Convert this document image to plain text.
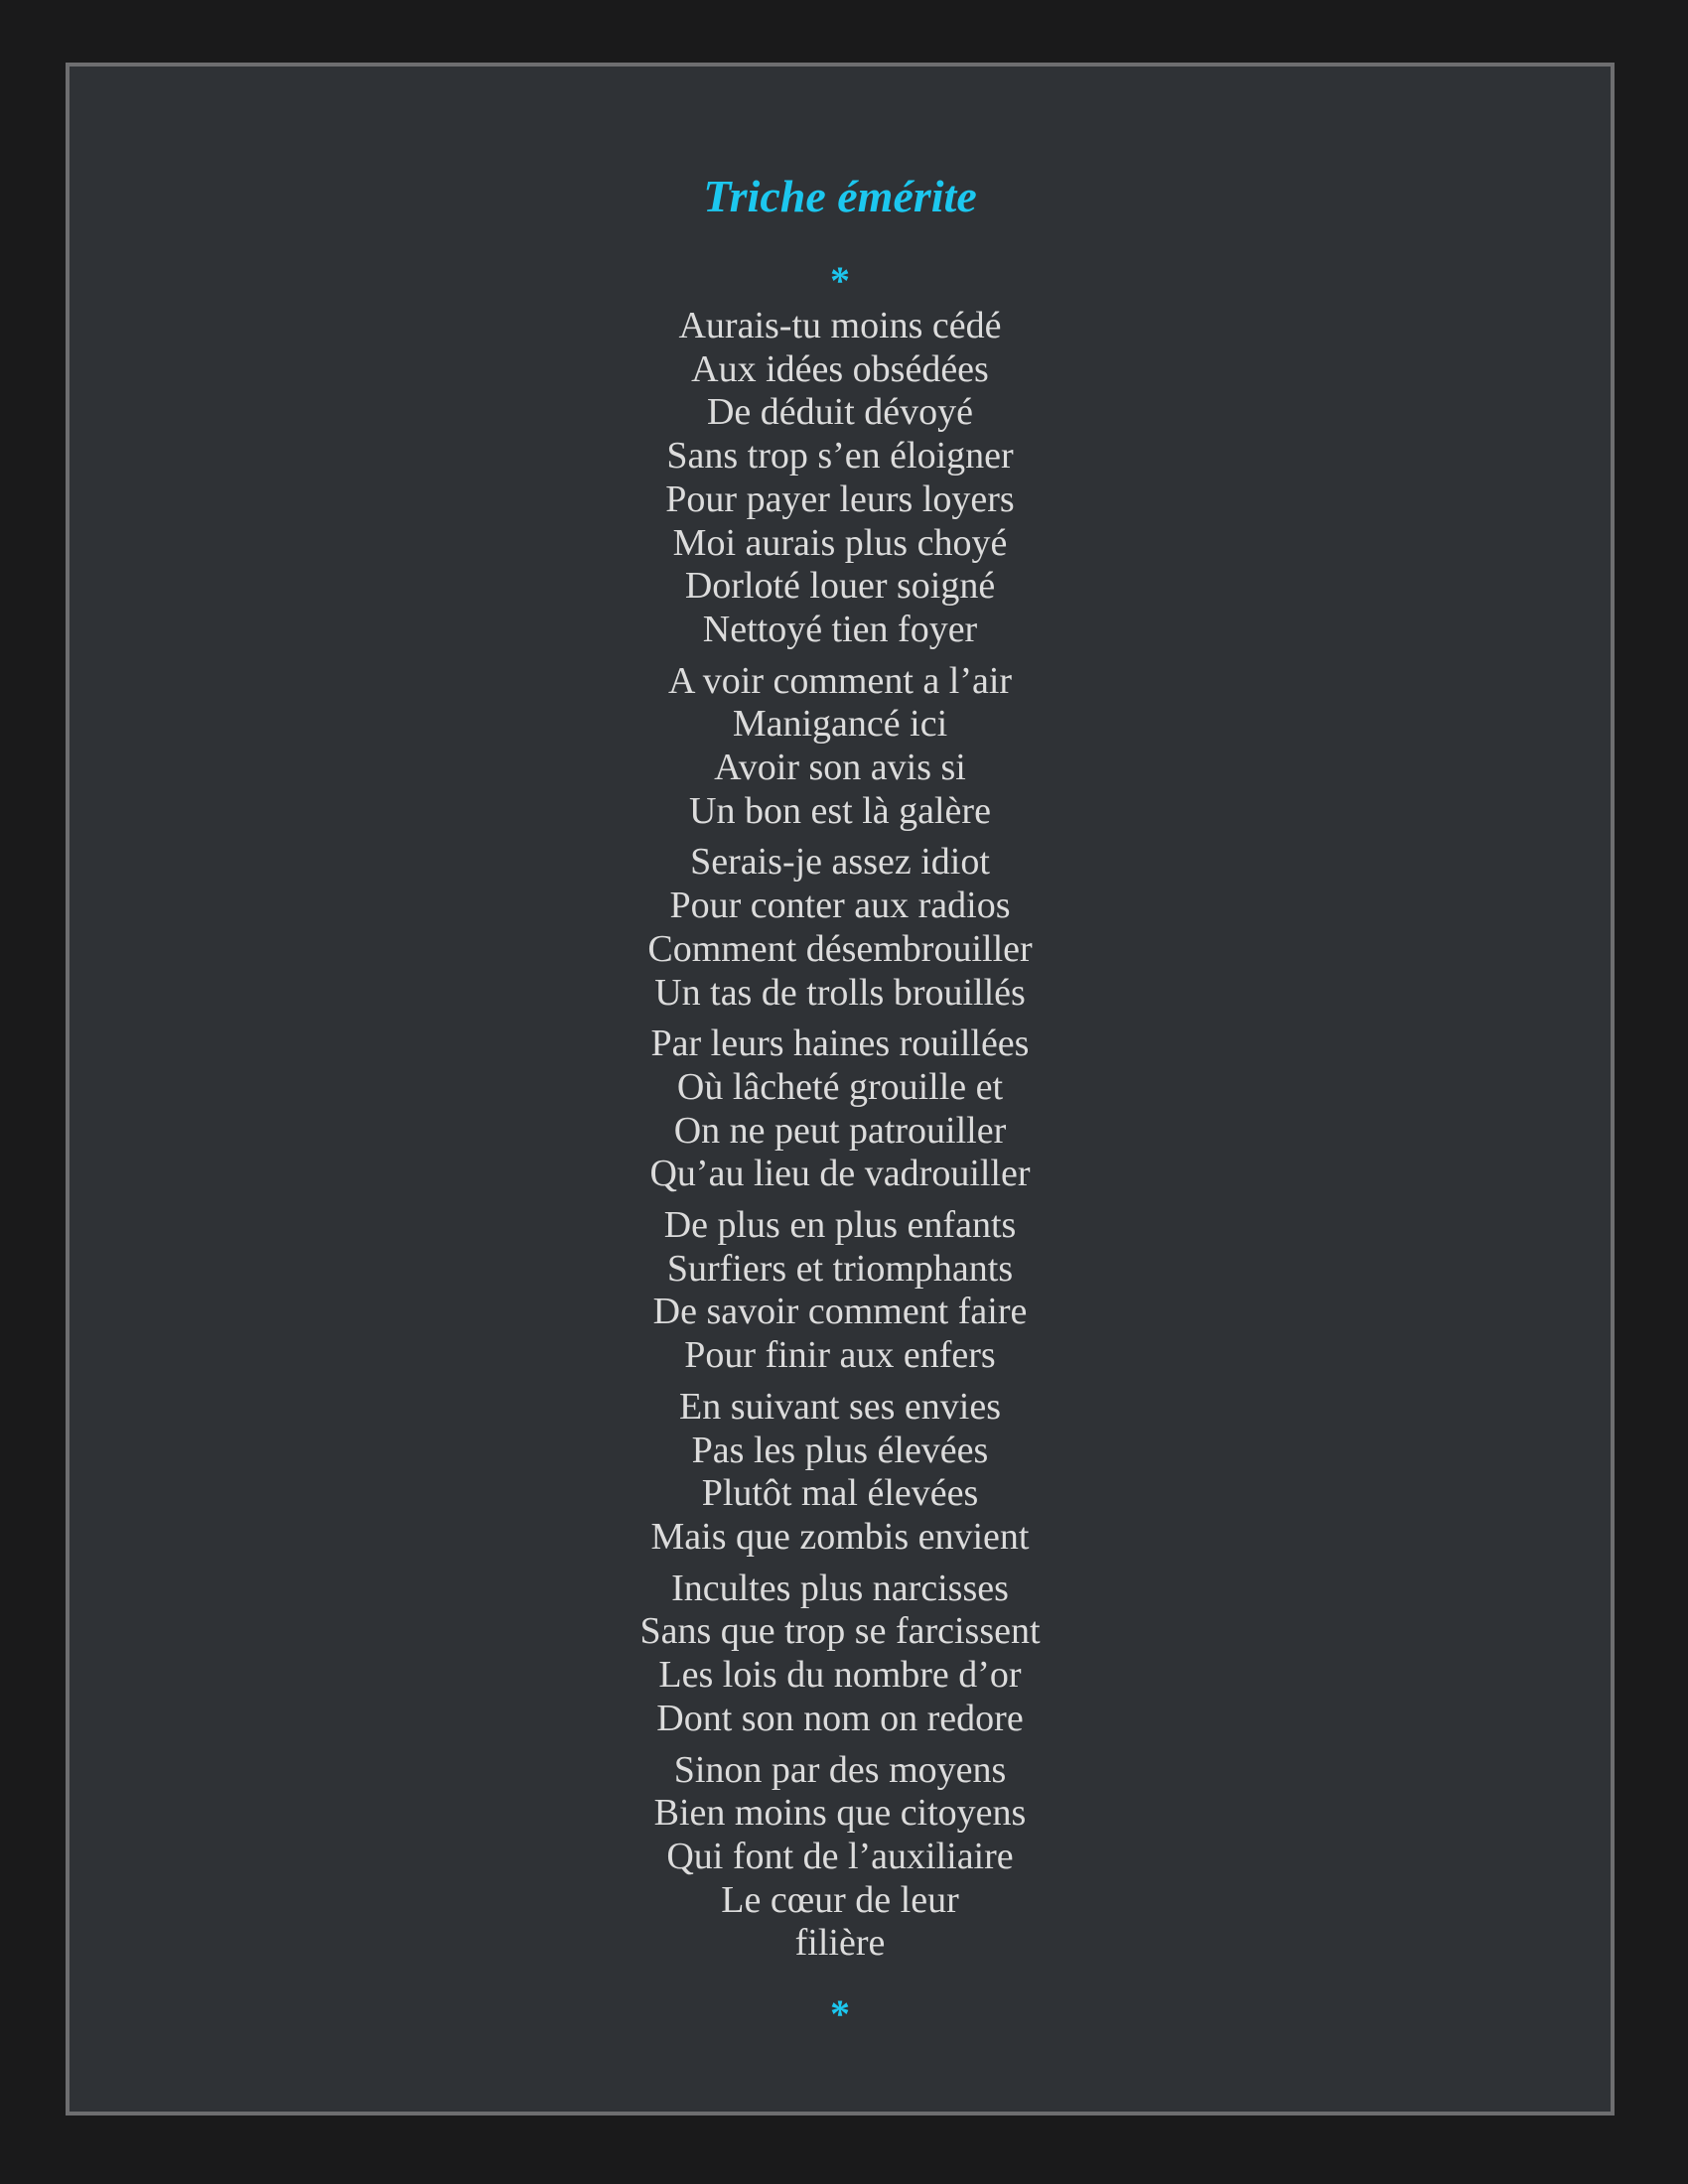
Triche émérite
*
Aurais-tu moins cédé
Aux idées obsédées
De déduit dévoyé
Sans trop s’en éloigner
Pour payer leurs loyers
Moi aurais plus choyé
Dorloté louer soigné
Nettoyé tien foyer
A voir comment a l’air
Manigancé ici
Avoir son avis si
Un bon est là galère
Serais-je assez idiot
Pour conter aux radios
Comment désembrouiller
Un tas de trolls brouillés
Par leurs haines rouillées
Où lâcheté grouille et
On ne peut patrouiller
Qu’au lieu de vadrouiller
De plus en plus enfants
Surfiers et triomphants
De savoir comment faire
Pour finir aux enfers
En suivant ses envies
Pas les plus élevées
Plutôt mal élevées
Mais que zombis envient
Incultes plus narcisses
Sans que trop se farcissent
Les lois du nombre d’or
Dont son nom on redore
Sinon par des moyens
Bien moins que citoyens
Qui font de l’auxiliaire
Le cœur de leur
filière
*
